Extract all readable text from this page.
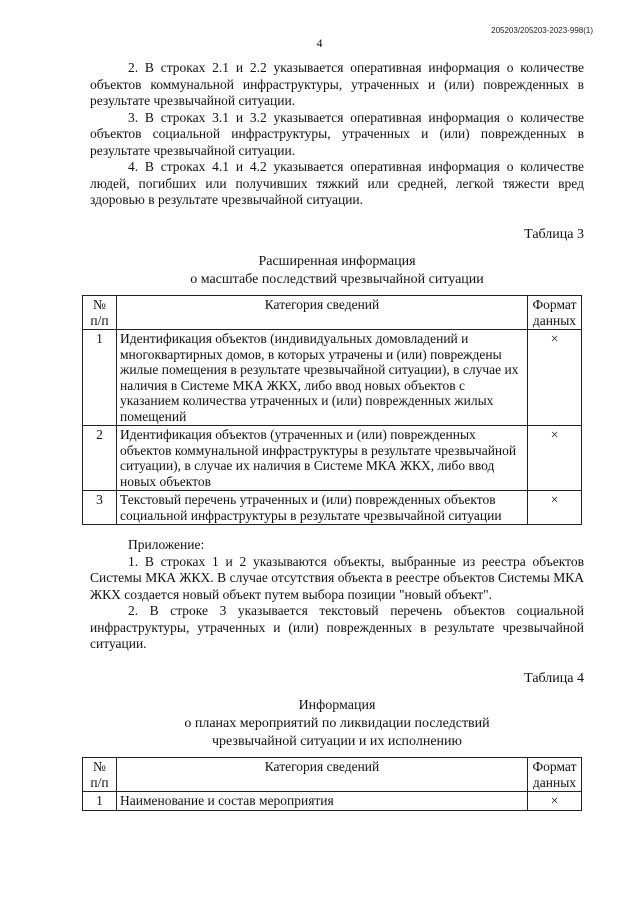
205203/205203-2023-998(1)
4

2. В строках 2.1 и 2.2 указывается оперативная информация о количестве объектов коммунальной инфраструктуры, утраченных и (или) поврежденных в результате чрезвычайной ситуации.

3. В строках 3.1 и 3.2 указывается оперативная информация о количестве объектов социальной инфраструктуры, утраченных и (или) поврежденных в результате чрезвычайной ситуации.

4. В строках 4.1 и 4.2 указывается оперативная информация о количестве людей, погибших или получивших тяжкий или средней, легкой тяжести вред здоровью в результате чрезвычайной ситуации.

Таблица 3

Расширенная информация
о масштабе последствий чрезвычайной ситуации

№ п/п	Категория сведений	Формат данных
1	Идентификация объектов (индивидуальных домовладений и многоквартирных домов, в которых утрачены и (или) повреждены жилые помещения в результате чрезвычайной ситуации), в случае их наличия в Системе МКА ЖКХ, либо ввод новых объектов с указанием количества утраченных и (или) поврежденных жилых помещений	×
2	Идентификация объектов (утраченных и (или) поврежденных объектов коммунальной инфраструктуры в результате чрезвычайной ситуации), в случае их наличия в Системе МКА ЖКХ, либо ввод новых объектов	×
3	Текстовый перечень утраченных и (или) поврежденных объектов социальной инфраструктуры в результате чрезвычайной ситуации	×

Приложение:

1. В строках 1 и 2 указываются объекты, выбранные из реестра объектов Системы МКА ЖКХ. В случае отсутствия объекта в реестре объектов Системы МКА ЖКХ создается новый объект путем выбора позиции "новый объект".

2. В строке 3 указывается текстовый перечень объектов социальной инфраструктуры, утраченных и (или) поврежденных в результате чрезвычайной ситуации.

Таблица 4

Информация
о планах мероприятий по ликвидации последствий
чрезвычайной ситуации и их исполнению

№ п/п	Категория сведений	Формат данных
1	Наименование и состав мероприятия	×
